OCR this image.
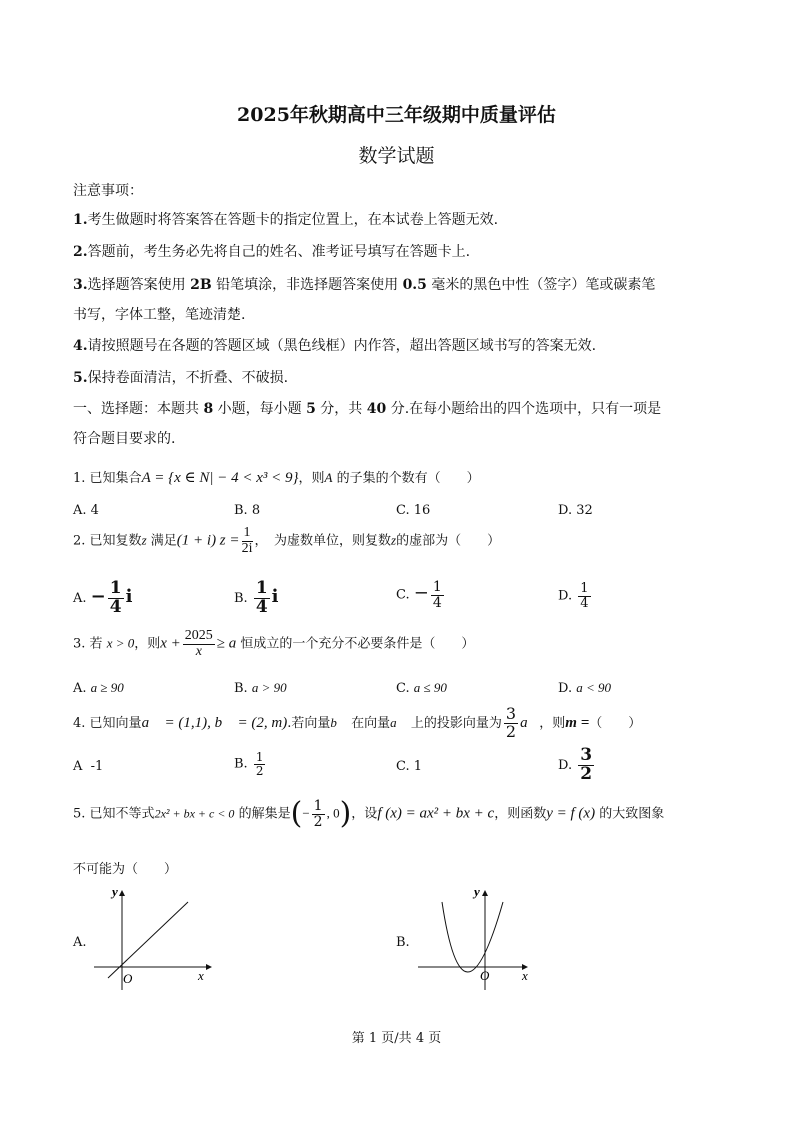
2025年秋期高中三年级期中质量评估
数学试题
注意事项：
1.考生做题时将答案答在答题卡的指定位置上，在本试卷上答题无效.
2.答题前，考生务必先将自己的姓名、准考证号填写在答题卡上.
3.选择题答案使用 2B 铅笔填涂，非选择题答案使用 0.5 毫米的黑色中性（签字）笔或碳素笔
书写，字体工整，笔迹清楚.
4.请按照题号在各题的答题区域（黑色线框）内作答，超出答题区域书写的答案无效.
5.保持卷面清洁，不折叠、不破损.
一、选择题：本题共 8 小题，每小题 5 分，共 40 分.在每小题给出的四个选项中，只有一项是
符合题目要求的.
1. 已知集合A = {x ∈ N| − 4 < x³ < 9}，则A 的子集的个数有（　　）
A. 4	B. 8	C. 16	D. 32
2. 已知复数z 满足(1 + i) $z = \frac{1}{2i}$ ，　为虚数单位，则复数z的虚部为（　　）
A. − $\frac{1}{4}$ i	B. $\frac{1}{4}$ i	C. − $\frac{1}{4}$	D. $\frac{1}{4}$
3. 若 x > 0，则$x + \frac{2025}{x} \ge a$ 恒成立的一个充分不必要条件是（　　）
A. a ≥ 90	B. a > 90	C. a ≤ 90	D. a < 90
4. 已知向量a⃗ = (1,1), b⃗ = (2, m).若向量b⃗ 在向量a⃗ 上的投影向量为 $\frac{3}{2}$ a⃗，则m =（　　）
A -1	B. $\frac{1}{2}$	C. 1	D. $\frac{3}{2}$
5. 已知不等式2x² + bx + c < 0 的解集是(− $\frac{1}{2}$ , 0)，设f (x) = ax² + bx + c，则函数y = f (x) 的大致图象
不可能为（　　）
A.
y
x
O
B.
y
x
O
第 1 页/共 4 页
